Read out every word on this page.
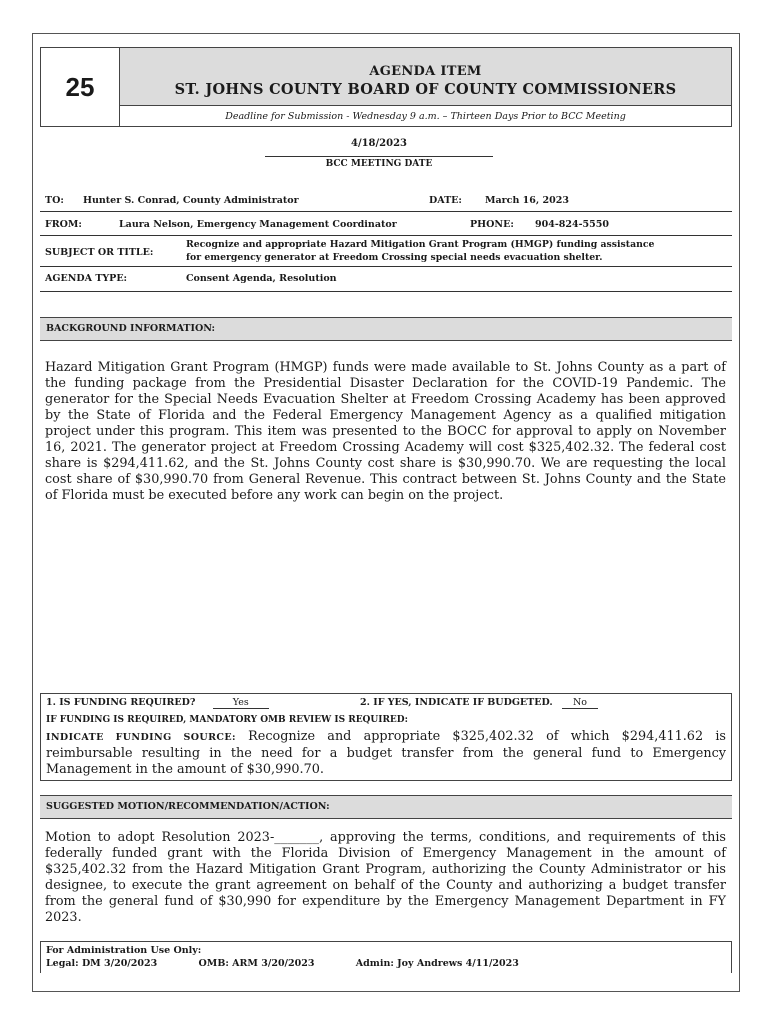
25	AGENDA ITEM
ST. JOHNS COUNTY BOARD OF COUNTY COMMISSIONERS
Deadline for Submission - Wednesday 9 a.m. – Thirteen Days Prior to BCC Meeting
4/18/2023
BCC MEETING DATE
TO: Hunter S. Conrad, County Administrator	DATE: March 16, 2023
FROM:	Laura Nelson, Emergency Management Coordinator	PHONE: 904-824-5550
SUBJECT OR TITLE:
Recognize and appropriate Hazard Mitigation Grant Program (HMGP) funding assistance
for emergency generator at Freedom Crossing special needs evacuation shelter.
AGENDA TYPE:	Consent Agenda, Resolution
BACKGROUND INFORMATION:
Hazard Mitigation Grant Program (HMGP) funds were made available to St. Johns County as a part of the funding package from the Presidential Disaster Declaration for the COVID-19 Pandemic. The generator for the Special Needs Evacuation Shelter at Freedom Crossing Academy has been approved by the State of Florida and the Federal Emergency Management Agency as a qualified mitigation project under this program. This item was presented to the BOCC for approval to apply on November 16, 2021. The generator project at Freedom Crossing Academy will cost $325,402.32. The federal cost share is $294,411.62, and the St. Johns County cost share is $30,990.70. We are requesting the local cost share of $30,990.70 from General Revenue. This contract between St. Johns County and the State of Florida must be executed before any work can begin on the project.
1. IS FUNDING REQUIRED?	Yes	2. IF YES, INDICATE IF BUDGETED. No
IF FUNDING IS REQUIRED, MANDATORY OMB REVIEW IS REQUIRED:
INDICATE FUNDING SOURCE: Recognize and appropriate $325,402.32 of which $294,411.62 is reimbursable resulting in the need for a budget transfer from the general fund to Emergency Management in the amount of $30,990.70.
SUGGESTED MOTION/RECOMMENDATION/ACTION:
Motion to adopt Resolution 2023-_______, approving the terms, conditions, and requirements of this federally funded grant with the Florida Division of Emergency Management in the amount of $325,402.32 from the Hazard Mitigation Grant Program, authorizing the County Administrator or his designee, to execute the grant agreement on behalf of the County and authorizing a budget transfer from the general fund of $30,990 for expenditure by the Emergency Management Department in FY 2023.
For Administration Use Only:
Legal: DM 3/20/2023	OMB: ARM 3/20/2023	Admin: Joy Andrews 4/11/2023
